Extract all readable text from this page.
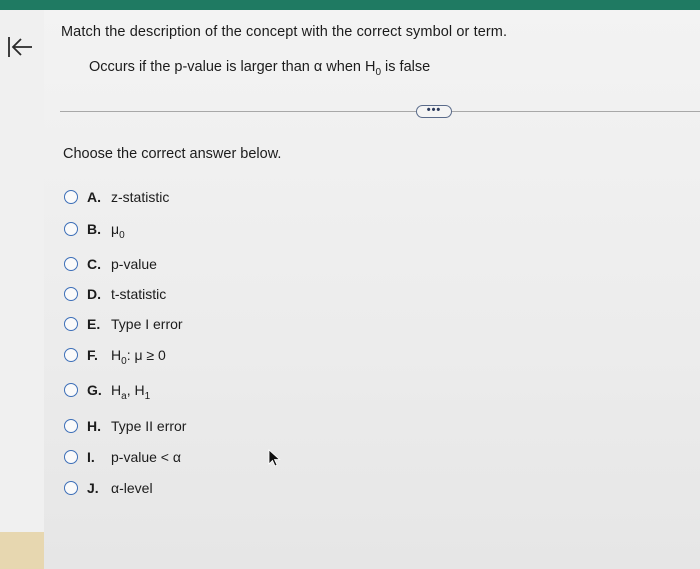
Match the description of the concept with the correct symbol or term.
Occurs if the p-value is larger than α when $H_0$ is false
•••
Choose the correct answer below.
A. z-statistic
B. $\mu_0$
C. p-value
D. t-statistic
E. Type I error
F. $H_0$: μ ≥ 0
G. $H_a$, $H_1$
H. Type II error
I.	p-value < α
J. α-level
